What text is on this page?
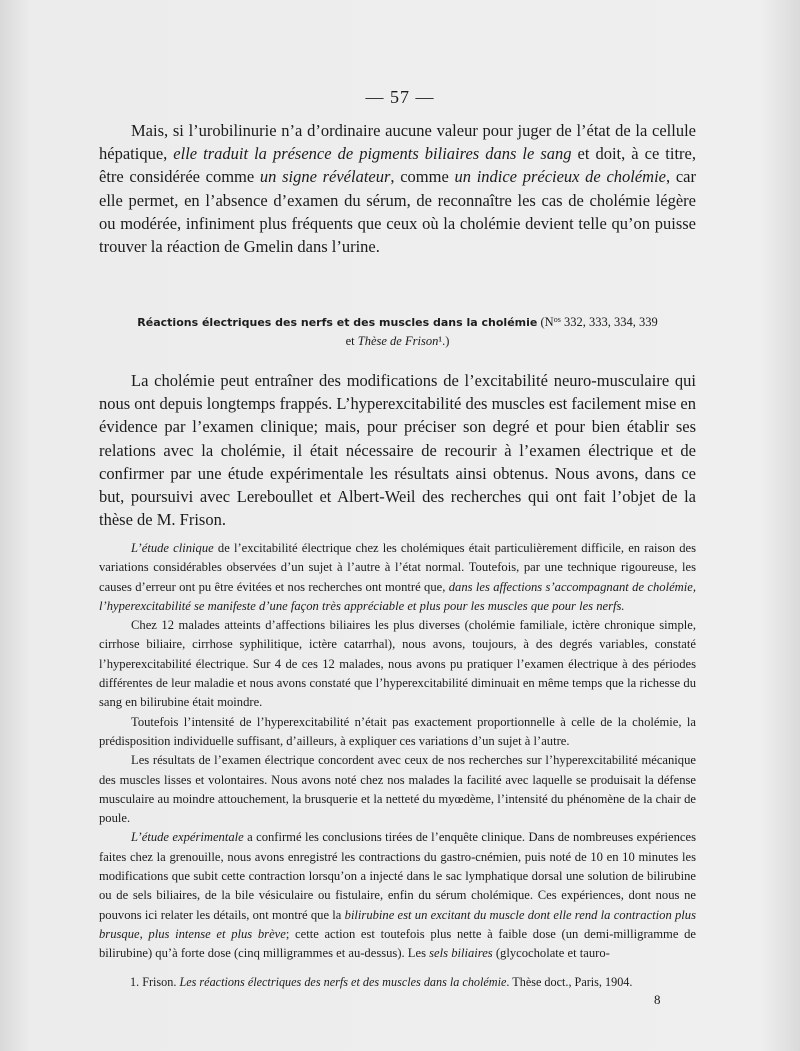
— 57 —

Mais, si l’urobilinurie n’a d’ordinaire aucune valeur pour juger de l’état de la cellule hépatique, elle traduit la présence de pigments biliaires dans le sang et doit, à ce titre, être considérée comme un signe révélateur, comme un indice précieux de cholémie, car elle permet, en l’absence d’examen du sérum, de reconnaître les cas de cholémie légère ou modérée, infiniment plus fréquents que ceux où la cholémie devient telle qu’on puisse trouver la réaction de Gmelin dans l’urine.

Réactions électriques des nerfs et des muscles dans la cholémie ($N^{os}$ 332, 333, 334, 339
et Thèse de Frison¹.)

La cholémie peut entraîner des modifications de l’excitabilité neuro-musculaire qui nous ont depuis longtemps frappés. L’hyperexcitabilité des muscles est facilement mise en évidence par l’examen clinique; mais, pour préciser son degré et pour bien établir ses relations avec la cholémie, il était nécessaire de recourir à l’examen électrique et de confirmer par une étude expérimentale les résultats ainsi obtenus. Nous avons, dans ce but, poursuivi avec Lereboullet et Albert-Weil des recherches qui ont fait l’objet de la thèse de M. Frison.

L’étude clinique de l’excitabilité électrique chez les cholémiques était particulièrement difficile, en raison des variations considérables observées d’un sujet à l’autre à l’état normal. Toutefois, par une technique rigoureuse, les causes d’erreur ont pu être évitées et nos recherches ont montré que, dans les affections s’accompagnant de cholémie, l’hyperexcitabilité se manifeste d’une façon très appréciable et plus pour les muscles que pour les nerfs.

Chez 12 malades atteints d’affections biliaires les plus diverses (cholémie familiale, ictère chronique simple, cirrhose biliaire, cirrhose syphilitique, ictère catarrhal), nous avons, toujours, à des degrés variables, constaté l’hyperexcitabilité électrique. Sur 4 de ces 12 malades, nous avons pu pratiquer l’examen électrique à des périodes différentes de leur maladie et nous avons constaté que l’hyperexcitabilité diminuait en même temps que la richesse du sang en bilirubine était moindre.

Toutefois l’intensité de l’hyperexcitabilité n’était pas exactement proportionnelle à celle de la cholémie, la prédisposition individuelle suffisant, d’ailleurs, à expliquer ces variations d’un sujet à l’autre.

Les résultats de l’examen électrique concordent avec ceux de nos recherches sur l’hyperexcitabilité mécanique des muscles lisses et volontaires. Nous avons noté chez nos malades la facilité avec laquelle se produisait la défense musculaire au moindre attouchement, la brusquerie et la netteté du myœdème, l’intensité du phénomène de la chair de poule.

L’étude expérimentale a confirmé les conclusions tirées de l’enquête clinique. Dans de nombreuses expériences faites chez la grenouille, nous avons enregistré les contractions du gastro-cnémien, puis noté de 10 en 10 minutes les modifications que subit cette contraction lorsqu’on a injecté dans le sac lymphatique dorsal une solution de bilirubine ou de sels biliaires, de la bile vésiculaire ou fistulaire, enfin du sérum cholémique. Ces expériences, dont nous ne pouvons ici relater les détails, ont montré que la bilirubine est un excitant du muscle dont elle rend la contraction plus brusque, plus intense et plus brève; cette action est toutefois plus nette à faible dose (un demi-milligramme de bilirubine) qu’à forte dose (cinq milligrammes et au-dessus). Les sels biliaires (glycocholate et tauro-

1. Frison. Les réactions électriques des nerfs et des muscles dans la cholémie. Thèse doct., Paris, 1904.
8
